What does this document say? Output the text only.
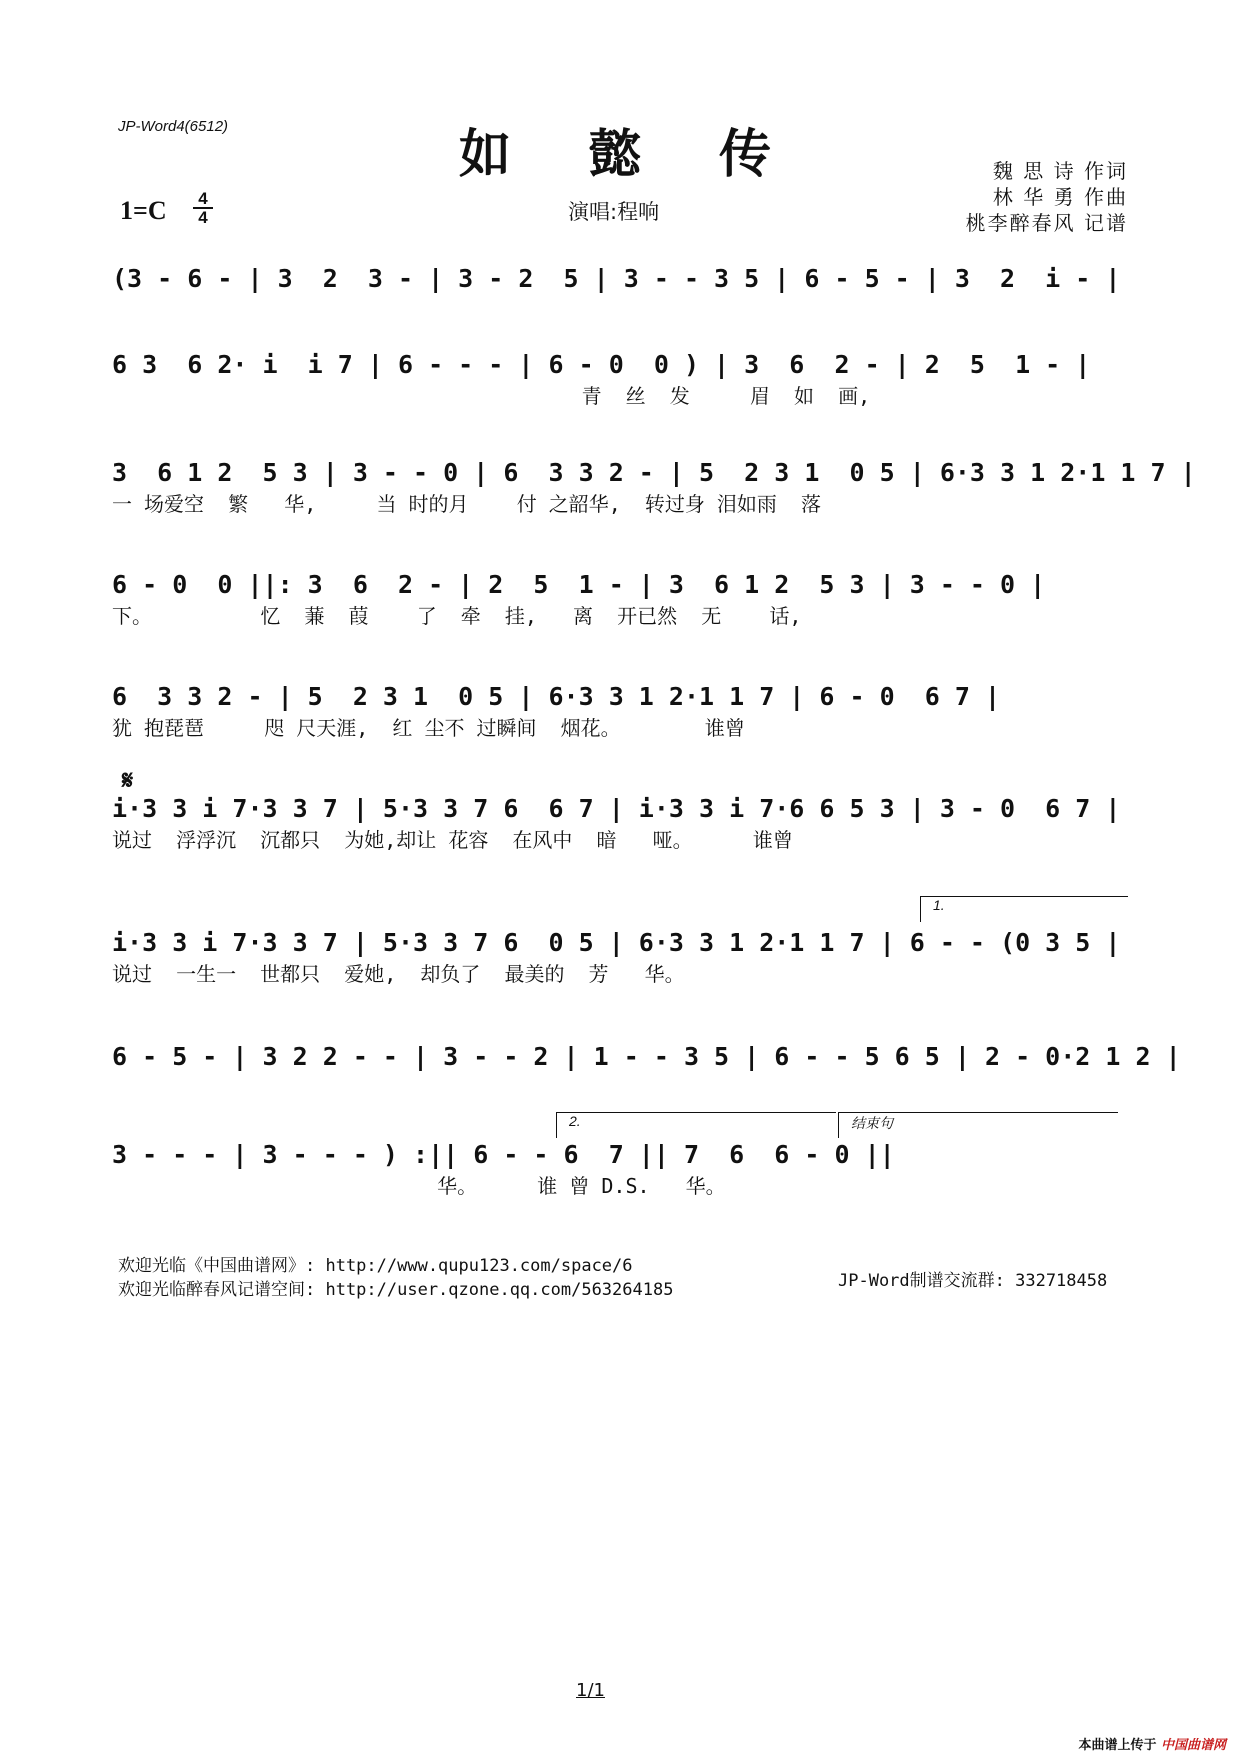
JP-Word4(6512)	如 懿 传	魏 思 诗 作词
林 华 勇 作曲
桃李醉春风 记谱
1=C	4
4	演唱:程响
(3 - 6 - | 3  2  3 - | 3 - 2  5 | 3 - - 3 5 | 6 - 5 - | 3  2  i - |
6 3  6 2· i  i 7 | 6 - - - | 6 - 0  0 ) | 3  6  2 - | 2  5  1 - |
青  丝  发     眉  如  画,
3  6 1 2  5 3 | 3 - - 0 | 6  3 3 2 - | 5  2 3 1  0 5 | 6·3 3 1 2·1 1 7 |
一 场爱空  繁   华,     当 时的月    付 之韶华,  转过身 泪如雨  落
6 - 0  0 ||: 3  6  2 - | 2  5  1 - | 3  6 1 2  5 3 | 3 - - 0 |
下。         忆  蒹  葭    了  牵  挂,   离  开已然  无    话,
6  3 3 2 - | 5  2 3 1  0 5 | 6·3 3 1 2·1 1 7 | 6 - 0  6 7 |
犹 抱琵琶     咫 尺天涯,  红 尘不 过瞬间  烟花。       谁曾
𝄋
i·3 3 i 7·3 3 7 | 5·3 3 7 6  6 7 | i·3 3 i 7·6 6 5 3 | 3 - 0  6 7 |
说过  浮浮沉  沉都只  为她,却让 花容  在风中  暗   哑。     谁曾
1.
i·3 3 i 7·3 3 7 | 5·3 3 7 6  0 5 | 6·3 3 1 2·1 1 7 | 6 - - (0 3 5 |
说过  一生一  世都只  爱她,  却负了  最美的  芳   华。
6 - 5 - | 3 2 2 - - | 3 - - 2 | 1 - - 3 5 | 6 - - 5 6 5 | 2 - 0·2 1 2 |
2.	结束句
3 - - - | 3 - - - ) :|| 6 - - 6  7 || 7  6  6 - 0 ||
华。     谁 曾 D.S.   华。
欢迎光临《中国曲谱网》: http://www.qupu123.com/space/6
欢迎光临醉春风记谱空间: http://user.qzone.qq.com/563264185	JP-Word制谱交流群: 332718458
1/1
本曲谱上传于 中国曲谱网
